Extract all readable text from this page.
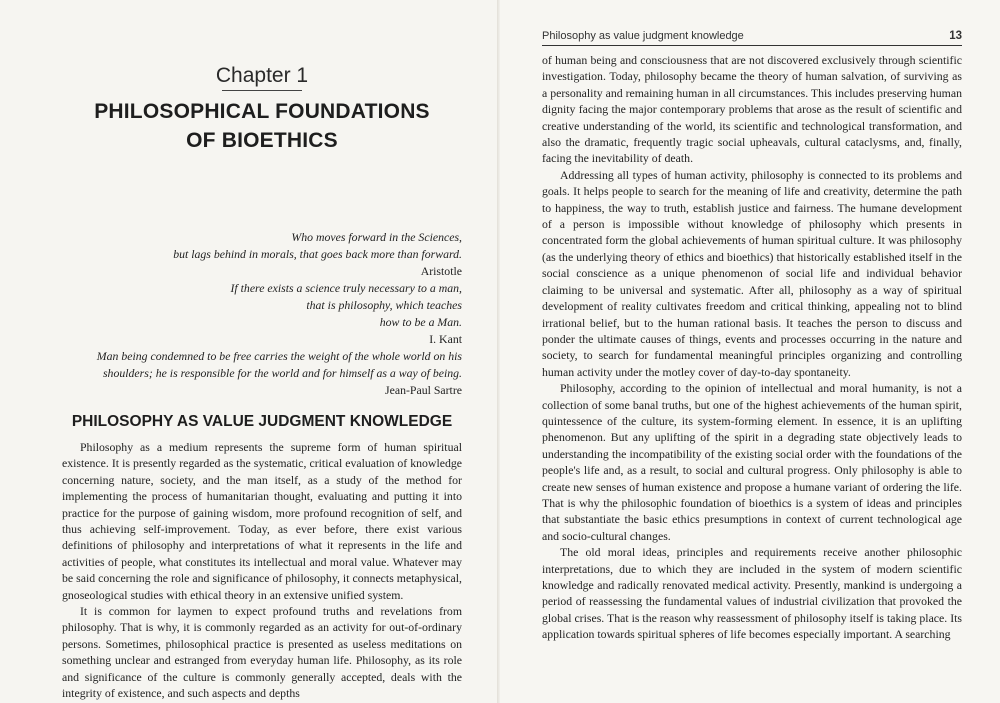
Chapter 1
PHILOSOPHICAL FOUNDATIONS
OF BIOETHICS
Who moves forward in the Sciences,
but lags behind in morals, that goes back more than forward.
Aristotle
If there exists a science truly necessary to a man,
that is philosophy, which teaches
how to be a Man.
I. Kant
Man being condemned to be free carries the weight of the whole world on his
shoulders; he is responsible for the world and for himself as a way of being.
Jean-Paul Sartre
PHILOSOPHY AS VALUE JUDGMENT KNOWLEDGE

Philosophy as a medium represents the supreme form of human spiritual existence. It is presently regarded as the systematic, critical evaluation of knowledge concerning nature, society, and the man itself, as a study of the method for implementing the process of humanitarian thought, evaluating and putting it into practice for the purpose of gaining wisdom, more profound recognition of self, and thus achieving self-improvement. Today, as ever before, there exist various definitions of philosophy and interpretations of what it represents in the life and activities of people, what constitutes its intellectual and moral value. Whatever may be said concerning the role and significance of philosophy, it connects metaphysical, gnoseological studies with ethical theory in an extensive unified system.

It is common for laymen to expect profound truths and revelations from philosophy. That is why, it is commonly regarded as an activity for out-of-ordinary persons. Sometimes, philosophical practice is presented as useless meditations on something unclear and estranged from everyday human life. Philosophy, as its role and significance of the culture is commonly generally accepted, deals with the integrity of existence, and such aspects and depths

Philosophy as value judgment knowledge	13

of human being and consciousness that are not discovered exclusively through scientific investigation. Today, philosophy became the theory of human salvation, of surviving as a personality and remaining human in all circumstances. This includes preserving human dignity facing the major contemporary problems that arose as the result of scientific and creative understanding of the world, its scientific and technological transformation, and also the dramatic, frequently tragic social upheavals, cultural cataclysms, and, finally, facing the inevitability of death.

Addressing all types of human activity, philosophy is connected to its problems and goals. It helps people to search for the meaning of life and creativity, determine the path to happiness, the way to truth, establish justice and fairness. The humane development of a person is impossible without knowledge of philosophy which presents in concentrated form the global achievements of human spiritual culture. It was philosophy (as the underlying theory of ethics and bioethics) that historically established itself in the social conscience as a unique phenomenon of social life and individual behavior claiming to be universal and systematic. After all, philosophy as a way of spiritual development of reality cultivates freedom and critical thinking, appealing not to blind irrational belief, but to the human rational basis. It teaches the person to discuss and ponder the ultimate causes of things, events and processes occurring in the nature and society, to search for fundamental meaningful principles organizing and controlling human activity under the motley cover of day-to-day spontaneity.

Philosophy, according to the opinion of intellectual and moral humanity, is not a collection of some banal truths, but one of the highest achievements of the human spirit, quintessence of the culture, its system-forming element. In essence, it is an uplifting phenomenon. But any uplifting of the spirit in a degrading state objectively leads to understanding the incompatibility of the existing social order with the foundations of the people's life and, as a result, to social and cultural progress. Only philosophy is able to create new senses of human existence and propose a humane variant of ordering the life. That is why the philosophic foundation of bioethics is a system of ideas and principles that substantiate the basic ethics presumptions in context of current technological age and socio-cultural changes.

The old moral ideas, principles and requirements receive another philosophic interpretations, due to which they are included in the system of modern scientific knowledge and radically renovated medical activity. Presently, mankind is undergoing a period of reassessing the fundamental values of industrial civilization that provoked the global crises. That is the reason why reassessment of philosophy itself is taking place. Its application towards spiritual spheres of life becomes especially important. A searching
